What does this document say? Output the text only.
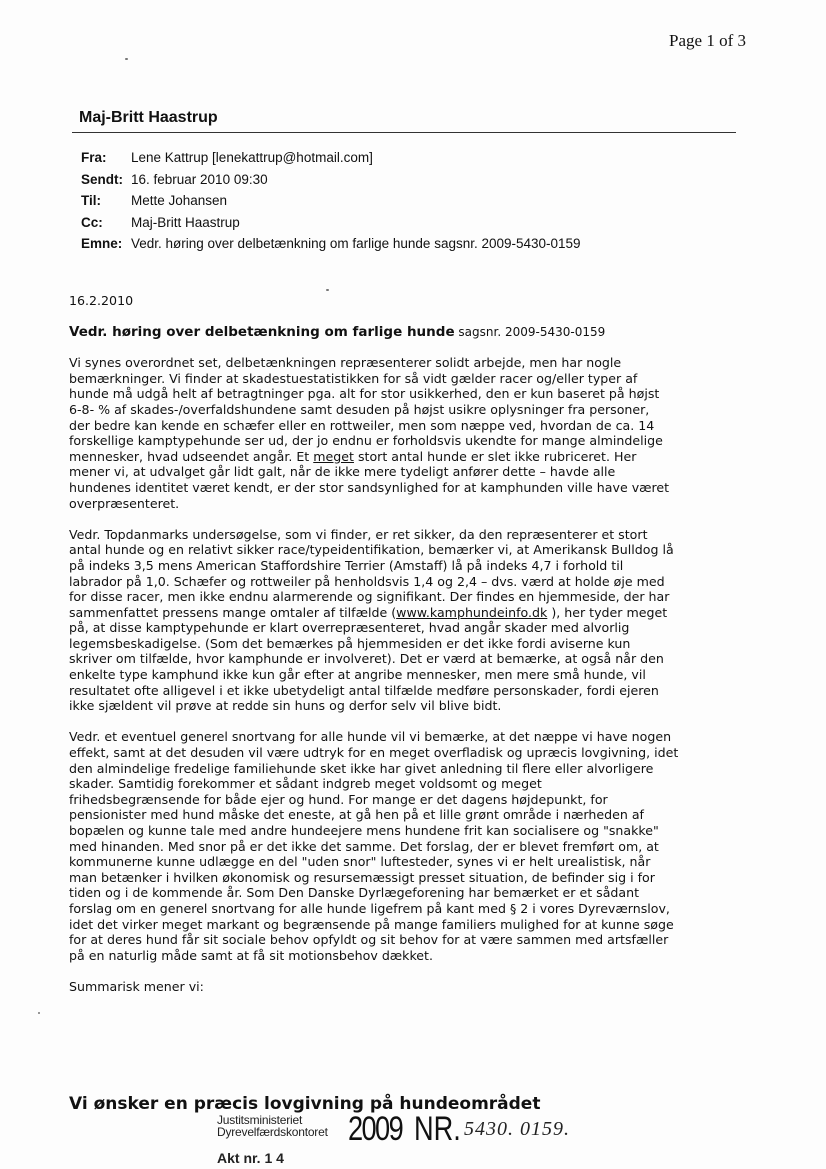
Page 1 of 3
Maj-Britt Haastrup
Fra: Lene Kattrup [lenekattrup@hotmail.com]
Sendt: 16. februar 2010 09:30
Til: Mette Johansen
Cc: Maj-Britt Haastrup
Emne: Vedr. høring over delbetænkning om farlige hunde sagsnr. 2009-5430-0159
16.2.2010
Vedr. høring over delbetænkning om farlige hunde sagsnr. 2009-5430-0159
Vi synes overordnet set, delbetænkningen repræsenterer solidt arbejde, men har nogle
bemærkninger. Vi finder at skadestuestatistikken for så vidt gælder racer og/eller typer af
hunde må udgå helt af betragtninger pga. alt for stor usikkerhed, den er kun baseret på højst
6-8- % af skades-/overfaldshundene samt desuden på højst usikre oplysninger fra personer,
der bedre kan kende en schæfer eller en rottweiler, men som næppe ved, hvordan de ca. 14
forskellige kamptypehunde ser ud, der jo endnu er forholdsvis ukendte for mange almindelige
mennesker, hvad udseendet angår. Et meget stort antal hunde er slet ikke rubriceret. Her
mener vi, at udvalget går lidt galt, når de ikke mere tydeligt anfører dette – havde alle
hundenes identitet været kendt, er der stor sandsynlighed for at kamphunden ville have været
overpræsenteret.
Vedr. Topdanmarks undersøgelse, som vi finder, er ret sikker, da den repræsenterer et stort
antal hunde og en relativt sikker race/typeidentifikation, bemærker vi, at Amerikansk Bulldog lå
på indeks 3,5 mens American Staffordshire Terrier (Amstaff) lå på indeks 4,7 i forhold til
labrador på 1,0. Schæfer og rottweiler på henholdsvis 1,4 og 2,4 – dvs. værd at holde øje med
for disse racer, men ikke endnu alarmerende og signifikant. Der findes en hjemmeside, der har
sammenfattet pressens mange omtaler af tilfælde (www.kamphundeinfo.dk ), her tyder meget
på, at disse kamptypehunde er klart overrepræsenteret, hvad angår skader med alvorlig
legemsbeskadigelse. (Som det bemærkes på hjemmesiden er det ikke fordi aviserne kun
skriver om tilfælde, hvor kamphunde er involveret). Det er værd at bemærke, at også når den
enkelte type kamphund ikke kun går efter at angribe mennesker, men mere små hunde, vil
resultatet ofte alligevel i et ikke ubetydeligt antal tilfælde medføre personskader, fordi ejeren
ikke sjældent vil prøve at redde sin huns og derfor selv vil blive bidt.
Vedr. et eventuel generel snortvang for alle hunde vil vi bemærke, at det næppe vi have nogen
effekt, samt at det desuden vil være udtryk for en meget overfladisk og upræcis lovgivning, idet
den almindelige fredelige familiehunde sket ikke har givet anledning til flere eller alvorligere
skader. Samtidig forekommer et sådant indgreb meget voldsomt og meget
frihedsbegrænsende for både ejer og hund. For mange er det dagens højdepunkt, for
pensionister med hund måske det eneste, at gå hen på et lille grønt område i nærheden af
bopælen og kunne tale med andre hundeejere mens hundene frit kan socialisere og "snakke"
med hinanden. Med snor på er det ikke det samme. Det forslag, der er blevet fremført om, at
kommunerne kunne udlægge en del "uden snor" luftesteder, synes vi er helt urealistisk, når
man betænker i hvilken økonomisk og resursemæssigt presset situation, de befinder sig i for
tiden og i de kommende år. Som Den Danske Dyrlægeforening har bemærket er et sådant
forslag om en generel snortvang for alle hunde ligefrem på kant med § 2 i vores Dyreværnslov,
idet det virker meget markant og begrænsende på mange familiers mulighed for at kunne søge
for at deres hund får sit sociale behov opfyldt og sit behov for at være sammen med artsfæller
på en naturlig måde samt at få sit motionsbehov dækket.
Summarisk mener vi:
Vi ønsker en præcis lovgivning på hundeområdet
Justitsministeriet
Dyrevelfærdskontoret 2009 NR. 5430. 0159.
Akt nr. 1 4
